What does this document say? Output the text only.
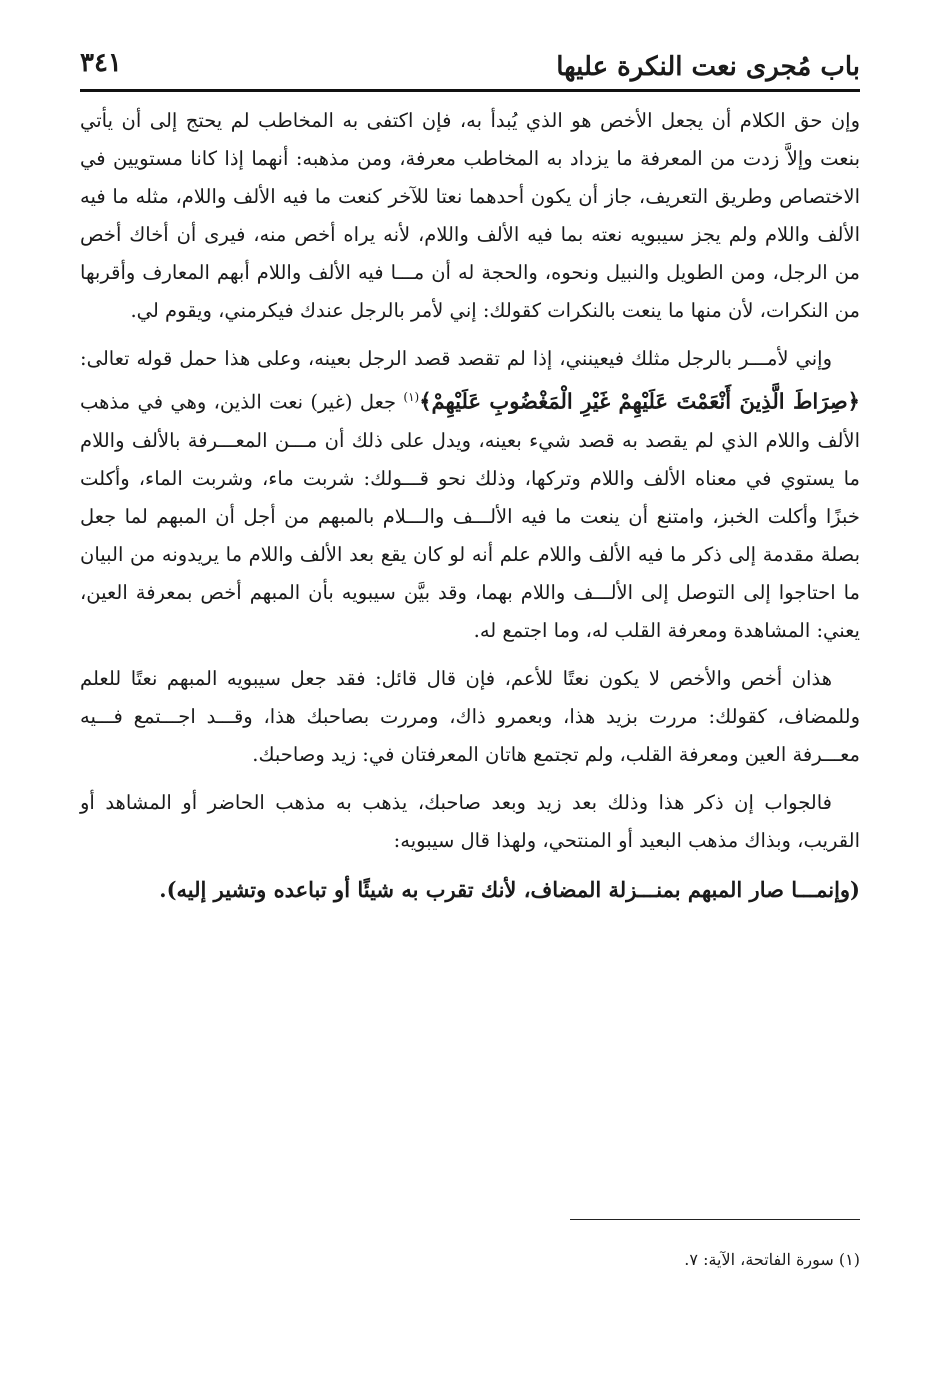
باب مُجرى نعت النكرة عليها
٣٤١

وإن حق الكلام أن يجعل الأخص هو الذي يُبدأ به، فإن اكتفى به المخاطب لم يحتج إلى أن يأتي بنعت وإلاَّ زدت من المعرفة ما يزداد به المخاطب معرفة، ومن مذهبه: أنهما إذا كانا مستويين في الاختصاص وطريق التعريف، جاز أن يكون أحدهما نعتا للآخر كنعت ما فيه الألف واللام، مثله ما فيه الألف واللام ولم يجز سيبويه نعته بما فيه الألف واللام، لأنه يراه أخص منه، فيرى أن أخاك أخص من الرجل، ومن الطويل والنبيل ونحوه، والحجة له أن مـــا فيه الألف واللام أبهم المعارف وأقربها من النكرات، لأن منها ما ينعت بالنكرات كقولك: إني لأمر بالرجل عندك فيكرمني، ويقوم لي.

وإني لأمـــر بالرجل مثلك فيعينني، إذا لم تقصد قصد الرجل بعينه، وعلى هذا حمل قوله تعالى: ﴿صِرَاطَ الَّذِينَ أَنْعَمْتَ عَلَيْهِمْ غَيْرِ الْمَغْضُوبِ عَلَيْهِمْ﴾$^{(١)}$ جعل (غير) نعت الذين، وهي في مذهب الألف واللام الذي لم يقصد به قصد شيء بعينه، ويدل على ذلك أن مـــن المعـــرفة بالألف واللام ما يستوي في معناه الألف واللام وتركها، وذلك نحو قـــولك: شربت ماء، وشربت الماء، وأكلت خبزًا وأكلت الخبز، وامتنع أن ينعت ما فيه الألـــف والـــلام بالمبهم من أجل أن المبهم لما جعل بصلة مقدمة إلى ذكر ما فيه الألف واللام علم أنه لو كان يقع بعد الألف واللام ما يريدونه من البيان ما احتاجوا إلى التوصل إلى الألـــف واللام بهما، وقد بيَّن سيبويه بأن المبهم أخص بمعرفة العين، يعني: المشاهدة ومعرفة القلب له، وما اجتمع له.

هذان أخص والأخص لا يكون نعتًا للأعم، فإن قال قائل: فقد جعل سيبويه المبهم نعتًا للعلم وللمضاف، كقولك: مررت بزيد هذا، وبعمرو ذاك، ومررت بصاحبك هذا، وقـــد اجـــتمع فـــيه معـــرفة العين ومعرفة القلب، ولم تجتمع هاتان المعرفتان في: زيد وصاحبك.

فالجواب إن ذكر هذا وذلك بعد زيد وبعد صاحبك، يذهب به مذهب الحاضر أو المشاهد أو القريب، وبذاك مذهب البعيد أو المنتحي، ولهذا قال سيبويه:

(وإنمـــا صار المبهم بمنـــزلة المضاف، لأنك تقرب به شيئًا أو تباعده وتشير إليه).

(١) سورة الفاتحة، الآية: ٧.
